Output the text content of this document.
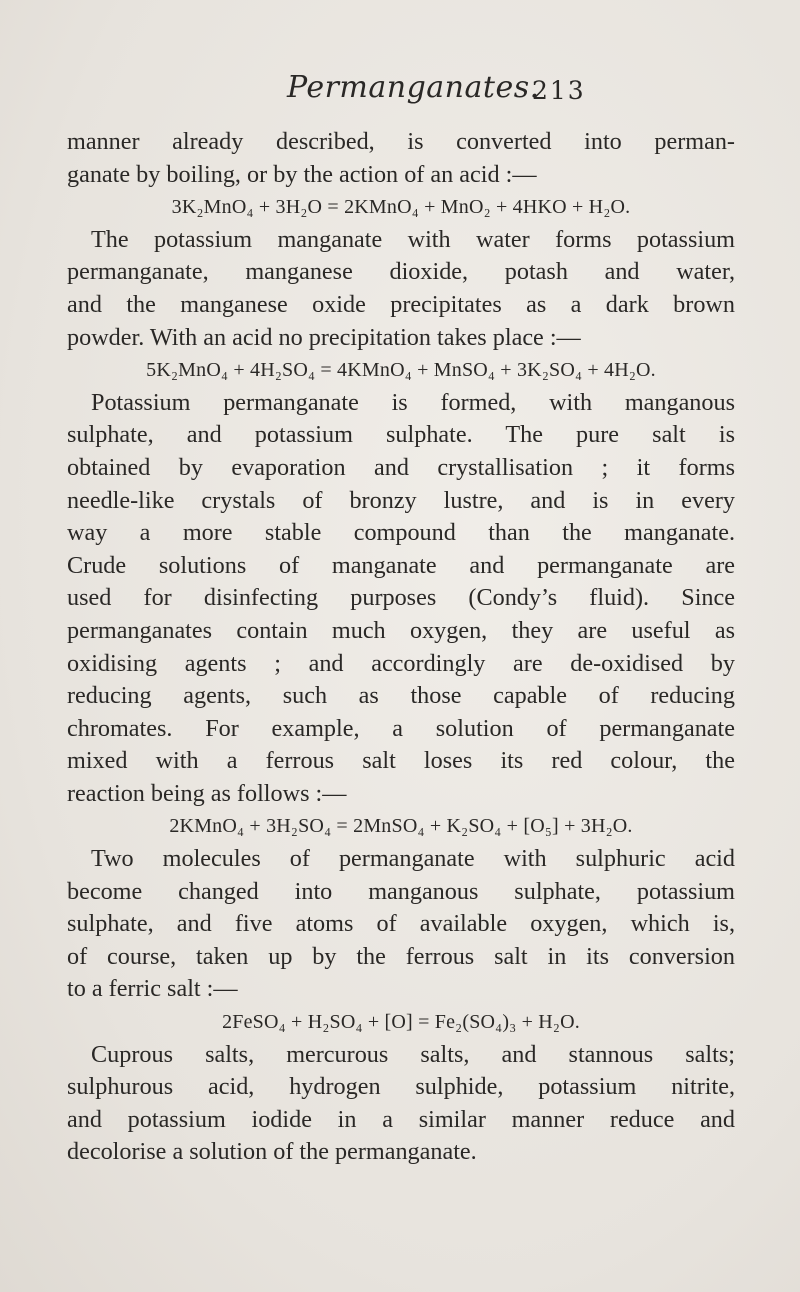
Permanganates.
213
manner already described, is converted into perman-
ganate by boiling, or by the action of an acid :—
3K₂MnO₄ + 3H₂O = 2KMnO₄ + MnO₂ + 4HKO + H₂O.
The potassium manganate with water forms potassium
permanganate, manganese dioxide, potash and water,
and the manganese oxide precipitates as a dark brown
powder. With an acid no precipitation takes place :—
5K₂MnO₄ + 4H₂SO₄ = 4KMnO₄ + MnSO₄ + 3K₂SO₄ + 4H₂O.
Potassium permanganate is formed, with manganous
sulphate, and potassium sulphate. The pure salt is
obtained by evaporation and crystallisation ; it forms
needle-like crystals of bronzy lustre, and is in every
way a more stable compound than the manganate.
Crude solutions of manganate and permanganate are
used for disinfecting purposes (Condy’s fluid). Since
permanganates contain much oxygen, they are useful as
oxidising agents ; and accordingly are de-oxidised by
reducing agents, such as those capable of reducing
chromates. For example, a solution of permanganate
mixed with a ferrous salt loses its red colour, the
reaction being as follows :—
2KMnO₄ + 3H₂SO₄ = 2MnSO₄ + K₂SO₄ + [O₅] + 3H₂O.
Two molecules of permanganate with sulphuric acid
become changed into manganous sulphate, potassium
sulphate, and five atoms of available oxygen, which is,
of course, taken up by the ferrous salt in its conversion
to a ferric salt :—
2FeSO₄ + H₂SO₄ + [O] = Fe₂(SO₄)₃ + H₂O.
Cuprous salts, mercurous salts, and stannous salts;
sulphurous acid, hydrogen sulphide, potassium nitrite,
and potassium iodide in a similar manner reduce and
decolorise a solution of the permanganate.
